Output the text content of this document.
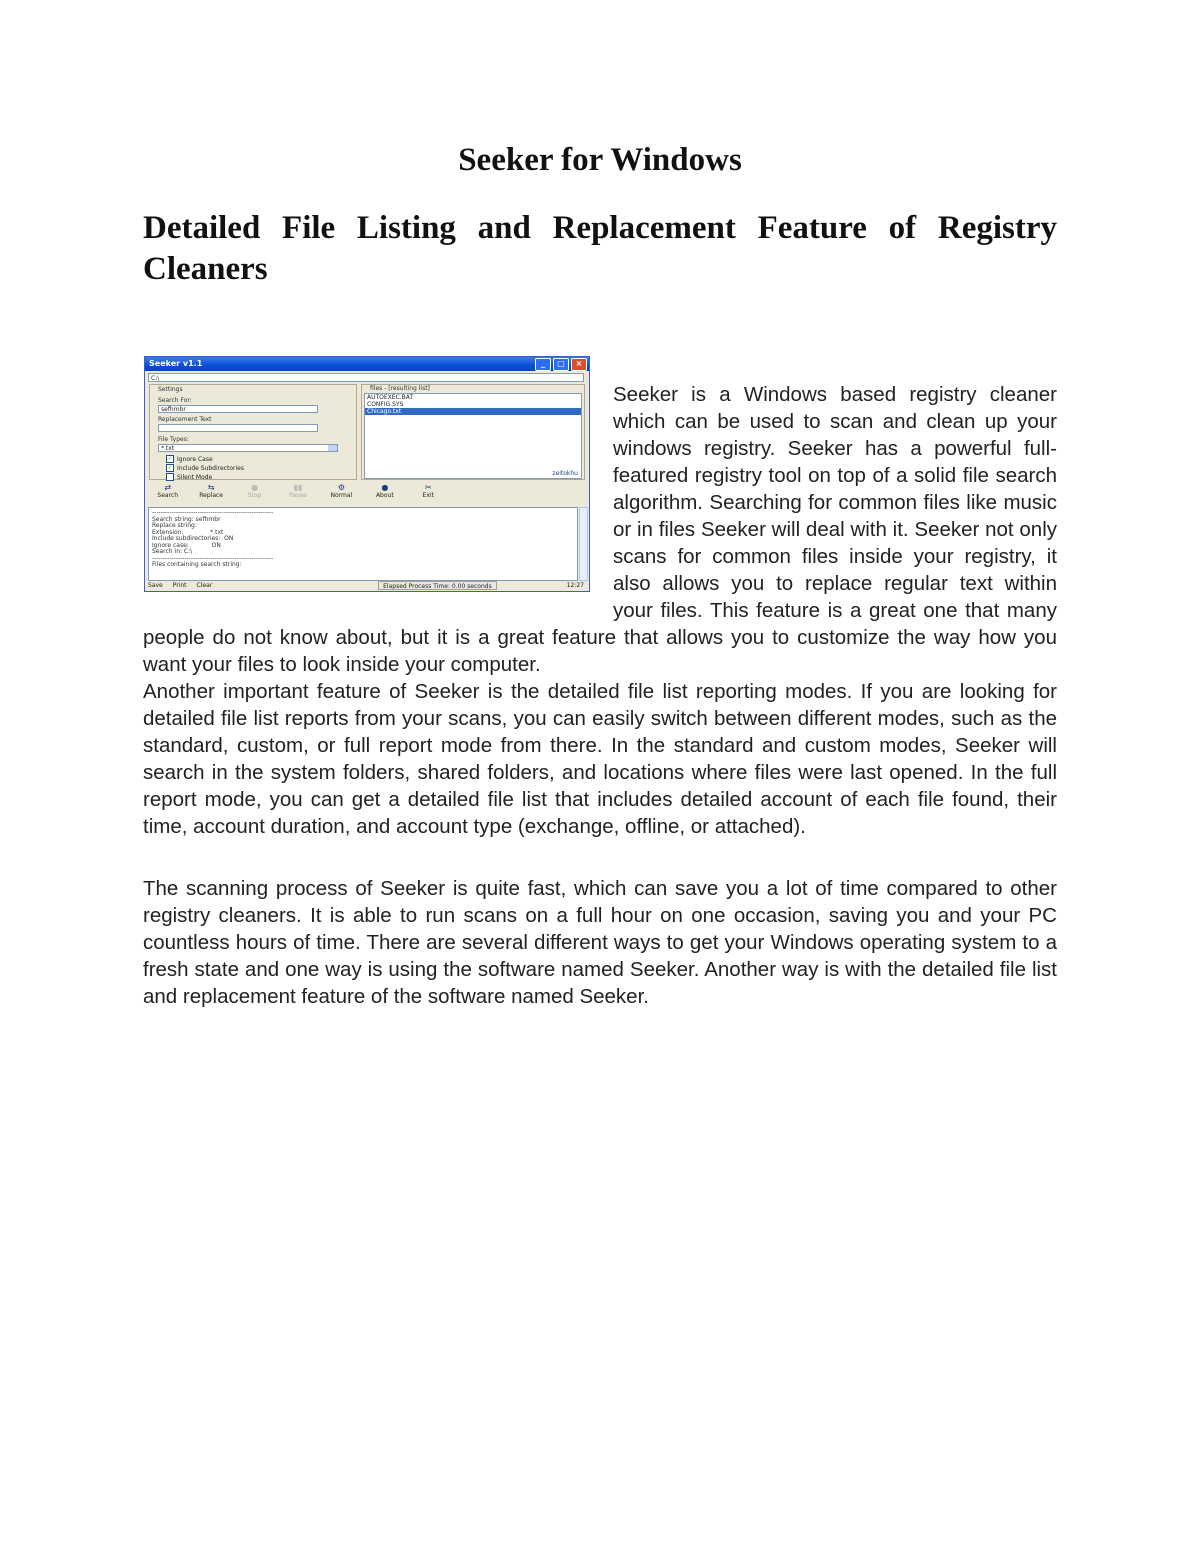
Seeker for Windows
Detailed File Listing and Replacement Feature of Registry Cleaners
Seeker v1.1	_	□	×
C:\
Settings
Search For:
sefhmbr
Replacement Text
File Types:
*.txt
✓ Ignore Case
✓ Include Subdirectories
Silent Mode
files - [resulting list]
AUTOEXEC.BAT
CONFIG.SYS
Chicago.txt
zeitokhu
⇄
Search
⇆
Replace
●
Stop
▮▮
Pause
⚙
Normal
●
About
✂
Exit
--------------------------------------------------------
Search string: sefhmbr
Replace string:
Extension:              *.txt
Include subdirectories:  ON
Ignore case:            ON
Search in: C:\
--------------------------------------------------------
Files containing search string:
Save Print Clear	Elapsed Process Time: 0.00 seconds	12:27

Seeker is a Windows based registry cleaner which can be used to scan and clean up your windows registry. Seeker has a powerful full-featured registry tool on top of a solid file search algorithm. Searching for common files like music or in files Seeker will deal with it. Seeker not only scans for common files inside your registry, it also allows you to replace regular text within your files. This feature is a great one that many people do not know about, but it is a great feature that allows you to customize the way how you want your files to look inside your computer.

Another important feature of Seeker is the detailed file list reporting modes. If you are looking for detailed file list reports from your scans, you can easily switch between different modes, such as the standard, custom, or full report mode from there. In the standard and custom modes, Seeker will search in the system folders, shared folders, and locations where files were last opened. In the full report mode, you can get a detailed file list that includes detailed account of each file found, their time, account duration, and account type (exchange, offline, or attached).

The scanning process of Seeker is quite fast, which can save you a lot of time compared to other registry cleaners. It is able to run scans on a full hour on one occasion, saving you and your PC countless hours of time. There are several different ways to get your Windows operating system to a fresh state and one way is using the software named Seeker. Another way is with the detailed file list and replacement feature of the software named Seeker.
